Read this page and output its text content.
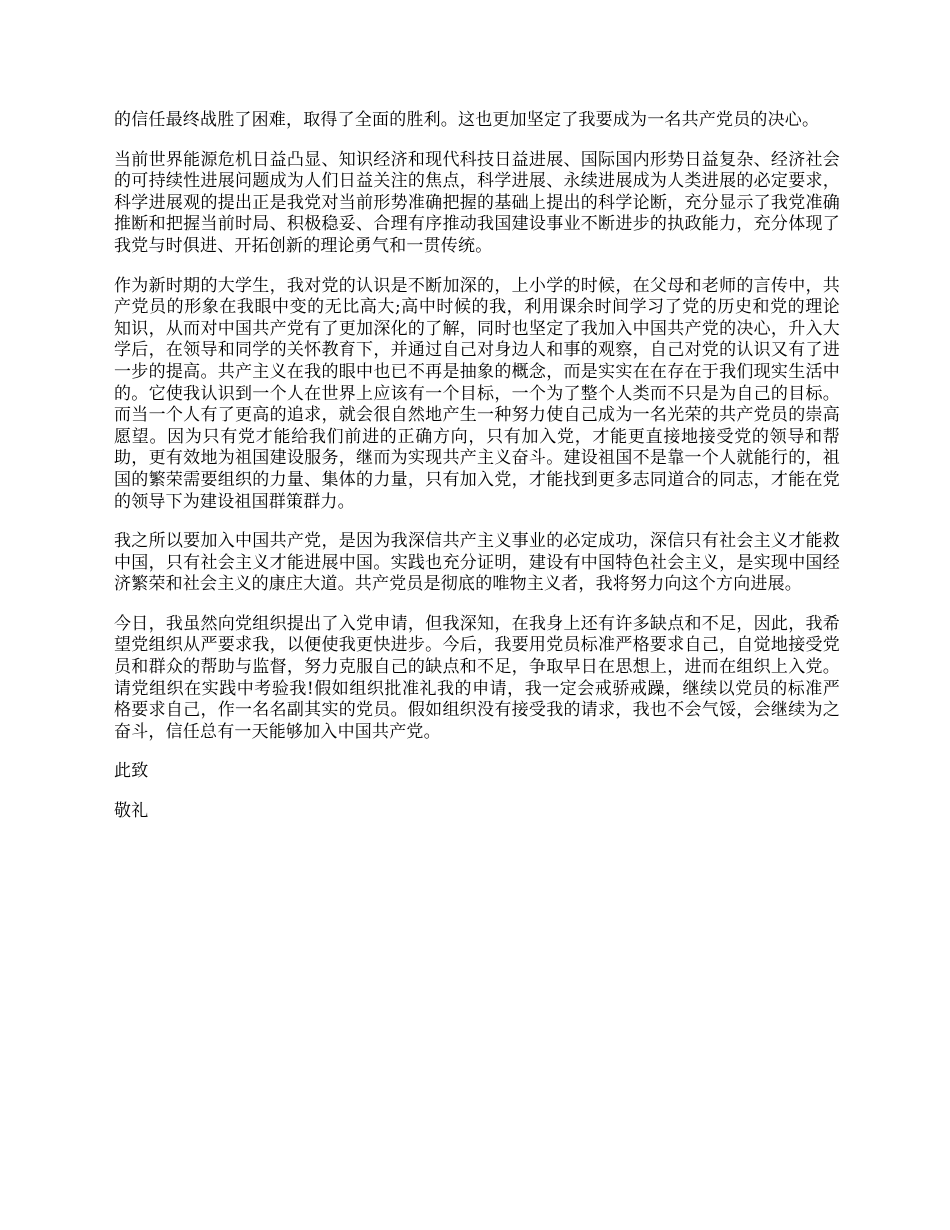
的信任最终战胜了困难，取得了全面的胜利。这也更加坚定了我要成为一名共产党员的决心。

当前世界能源危机日益凸显、知识经济和现代科技日益进展、国际国内形势日益复杂、经济社会的可持续性进展问题成为人们日益关注的焦点，科学进展、永续进展成为人类进展的必定要求，科学进展观的提出正是我党对当前形势准确把握的基础上提出的科学论断，充分显示了我党准确推断和把握当前时局、积极稳妥、合理有序推动我国建设事业不断进步的执政能力，充分体现了我党与时俱进、开拓创新的理论勇气和一贯传统。

作为新时期的大学生，我对党的认识是不断加深的，上小学的时候，在父母和老师的言传中，共产党员的形象在我眼中变的无比高大;高中时候的我，利用课余时间学习了党的历史和党的理论知识，从而对中国共产党有了更加深化的了解，同时也坚定了我加入中国共产党的决心，升入大学后，在领导和同学的关怀教育下，并通过自己对身边人和事的观察，自己对党的认识又有了进一步的提高。共产主义在我的眼中也已不再是抽象的概念，而是实实在在存在于我们现实生活中的。它使我认识到一个人在世界上应该有一个目标，一个为了整个人类而不只是为自己的目标。而当一个人有了更高的追求，就会很自然地产生一种努力使自己成为一名光荣的共产党员的崇高愿望。因为只有党才能给我们前进的正确方向，只有加入党，才能更直接地接受党的领导和帮助，更有效地为祖国建设服务，继而为实现共产主义奋斗。建设祖国不是靠一个人就能行的，祖国的繁荣需要组织的力量、集体的力量，只有加入党，才能找到更多志同道合的同志，才能在党的领导下为建设祖国群策群力。

我之所以要加入中国共产党，是因为我深信共产主义事业的必定成功，深信只有社会主义才能救中国，只有社会主义才能进展中国。实践也充分证明，建设有中国特色社会主义，是实现中国经济繁荣和社会主义的康庄大道。共产党员是彻底的唯物主义者，我将努力向这个方向进展。

今日，我虽然向党组织提出了入党申请，但我深知，在我身上还有许多缺点和不足，因此，我希望党组织从严要求我，以便使我更快进步。今后，我要用党员标准严格要求自己，自觉地接受党员和群众的帮助与监督，努力克服自己的缺点和不足，争取早日在思想上，进而在组织上入党。请党组织在实践中考验我!假如组织批准礼我的申请，我一定会戒骄戒躁，继续以党员的标准严格要求自己，作一名名副其实的党员。假如组织没有接受我的请求，我也不会气馁，会继续为之奋斗，信任总有一天能够加入中国共产党。

此致

敬礼
